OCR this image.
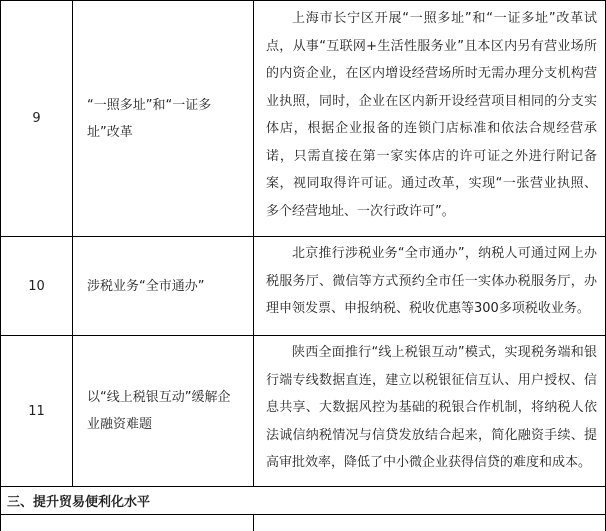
9
“一照多址”和“一证多址”改革
上海市长宁区开展“一照多址”和“一证多址”改革试点，从事“互联网+生活性服务业”且本区内另有营业场所的内资企业，在区内增设经营场所时无需办理分支机构营业执照，同时，企业在区内新开设经营项目相同的分支实体店，根据企业报备的连锁门店标准和依法合规经营承诺，只需直接在第一家实体店的许可证之外进行附记备案，视同取得许可证。通过改革，实现“一张营业执照、多个经营地址、一次行政许可”。
10	涉税业务“全市通办”
北京推行涉税业务“全市通办”，纳税人可通过网上办税服务厅、微信等方式预约全市任一实体办税服务厅，办理申领发票、申报纳税、税收优惠等300多项税收业务。
11
以“线上税银互动”缓解企业融资难题
陕西全面推行“线上税银互动”模式，实现税务端和银行端专线数据直连，建立以税银征信互认、用户授权、信息共享、大数据风控为基础的税银合作机制，将纳税人依法诚信纳税情况与信贷发放结合起来，简化融资手续、提高审批效率，降低了中小微企业获得信贷的难度和成本。
三、提升贸易便利化水平
